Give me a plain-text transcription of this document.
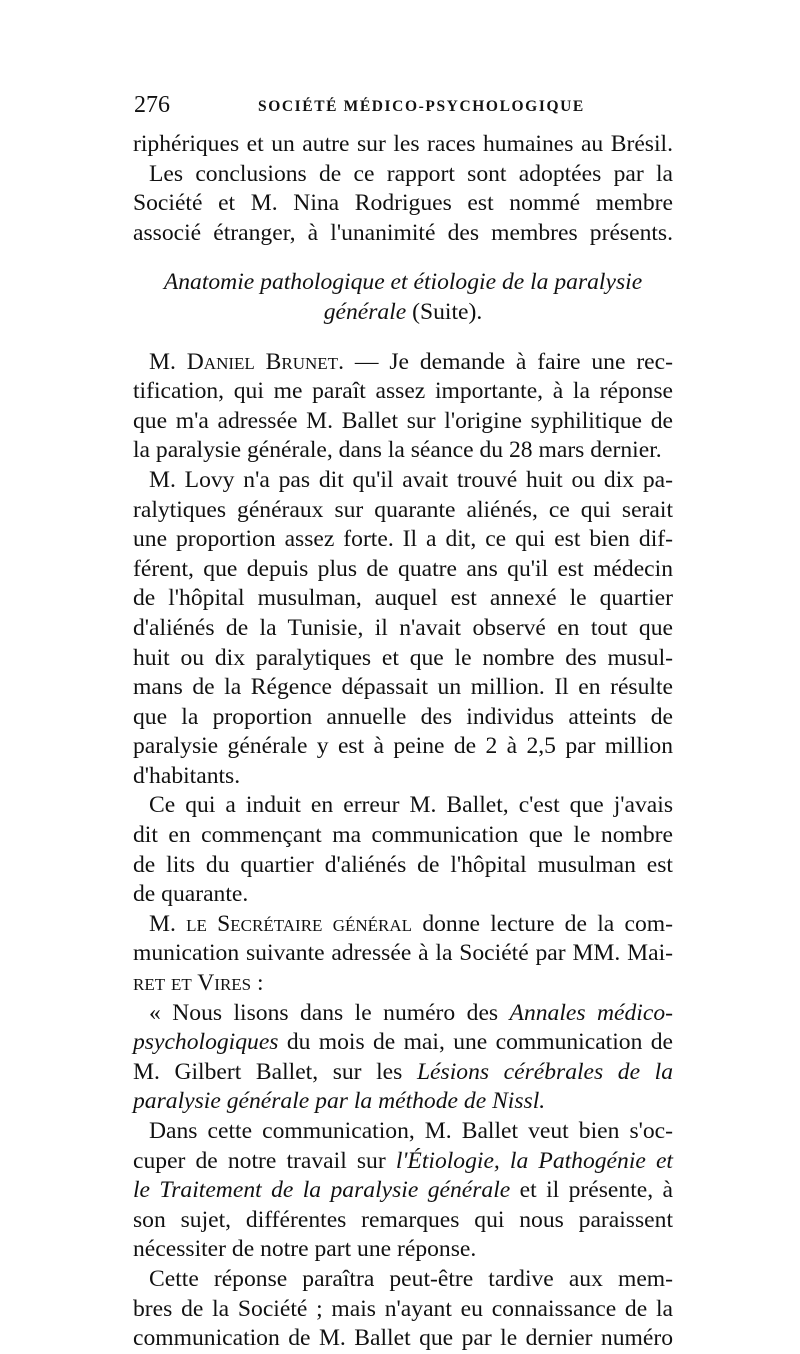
276	SOCIÉTÉ MÉDICO-PSYCHOLOGIQUE
riphériques et un autre sur les races humaines au Brésil.
Les conclusions de ce rapport sont adoptées par la
Société et M. Nina Rodrigues est nommé membre
associé étranger, à l'unanimité des membres présents.
Anatomie pathologique et étiologie de la paralysie
générale (Suite).
M. Daniel Brunet. — Je demande à faire une rec-
tification, qui me paraît assez importante, à la réponse
que m'a adressée M. Ballet sur l'origine syphilitique de
la paralysie générale, dans la séance du 28 mars dernier.
M. Lovy n'a pas dit qu'il avait trouvé huit ou dix pa-
ralytiques généraux sur quarante aliénés, ce qui serait
une proportion assez forte. Il a dit, ce qui est bien dif-
férent, que depuis plus de quatre ans qu'il est médecin
de l'hôpital musulman, auquel est annexé le quartier
d'aliénés de la Tunisie, il n'avait observé en tout que
huit ou dix paralytiques et que le nombre des musul-
mans de la Régence dépassait un million. Il en résulte
que la proportion annuelle des individus atteints de
paralysie générale y est à peine de 2 à 2,5 par million
d'habitants.
Ce qui a induit en erreur M. Ballet, c'est que j'avais
dit en commençant ma communication que le nombre
de lits du quartier d'aliénés de l'hôpital musulman est
de quarante.
M. le Secrétaire général donne lecture de la com-
munication suivante adressée à la Société par MM. Mai-
ret et Vires :
« Nous lisons dans le numéro des Annales médico-
psychologiques du mois de mai, une communication de
M. Gilbert Ballet, sur les Lésions cérébrales de la
paralysie générale par la méthode de Nissl.
Dans cette communication, M. Ballet veut bien s'oc-
cuper de notre travail sur l'Étiologie, la Pathogénie et
le Traitement de la paralysie générale et il présente, à
son sujet, différentes remarques qui nous paraissent
nécessiter de notre part une réponse.
Cette réponse paraîtra peut-être tardive aux mem-
bres de la Société ; mais n'ayant eu connaissance de la
communication de M. Ballet que par le dernier numéro
